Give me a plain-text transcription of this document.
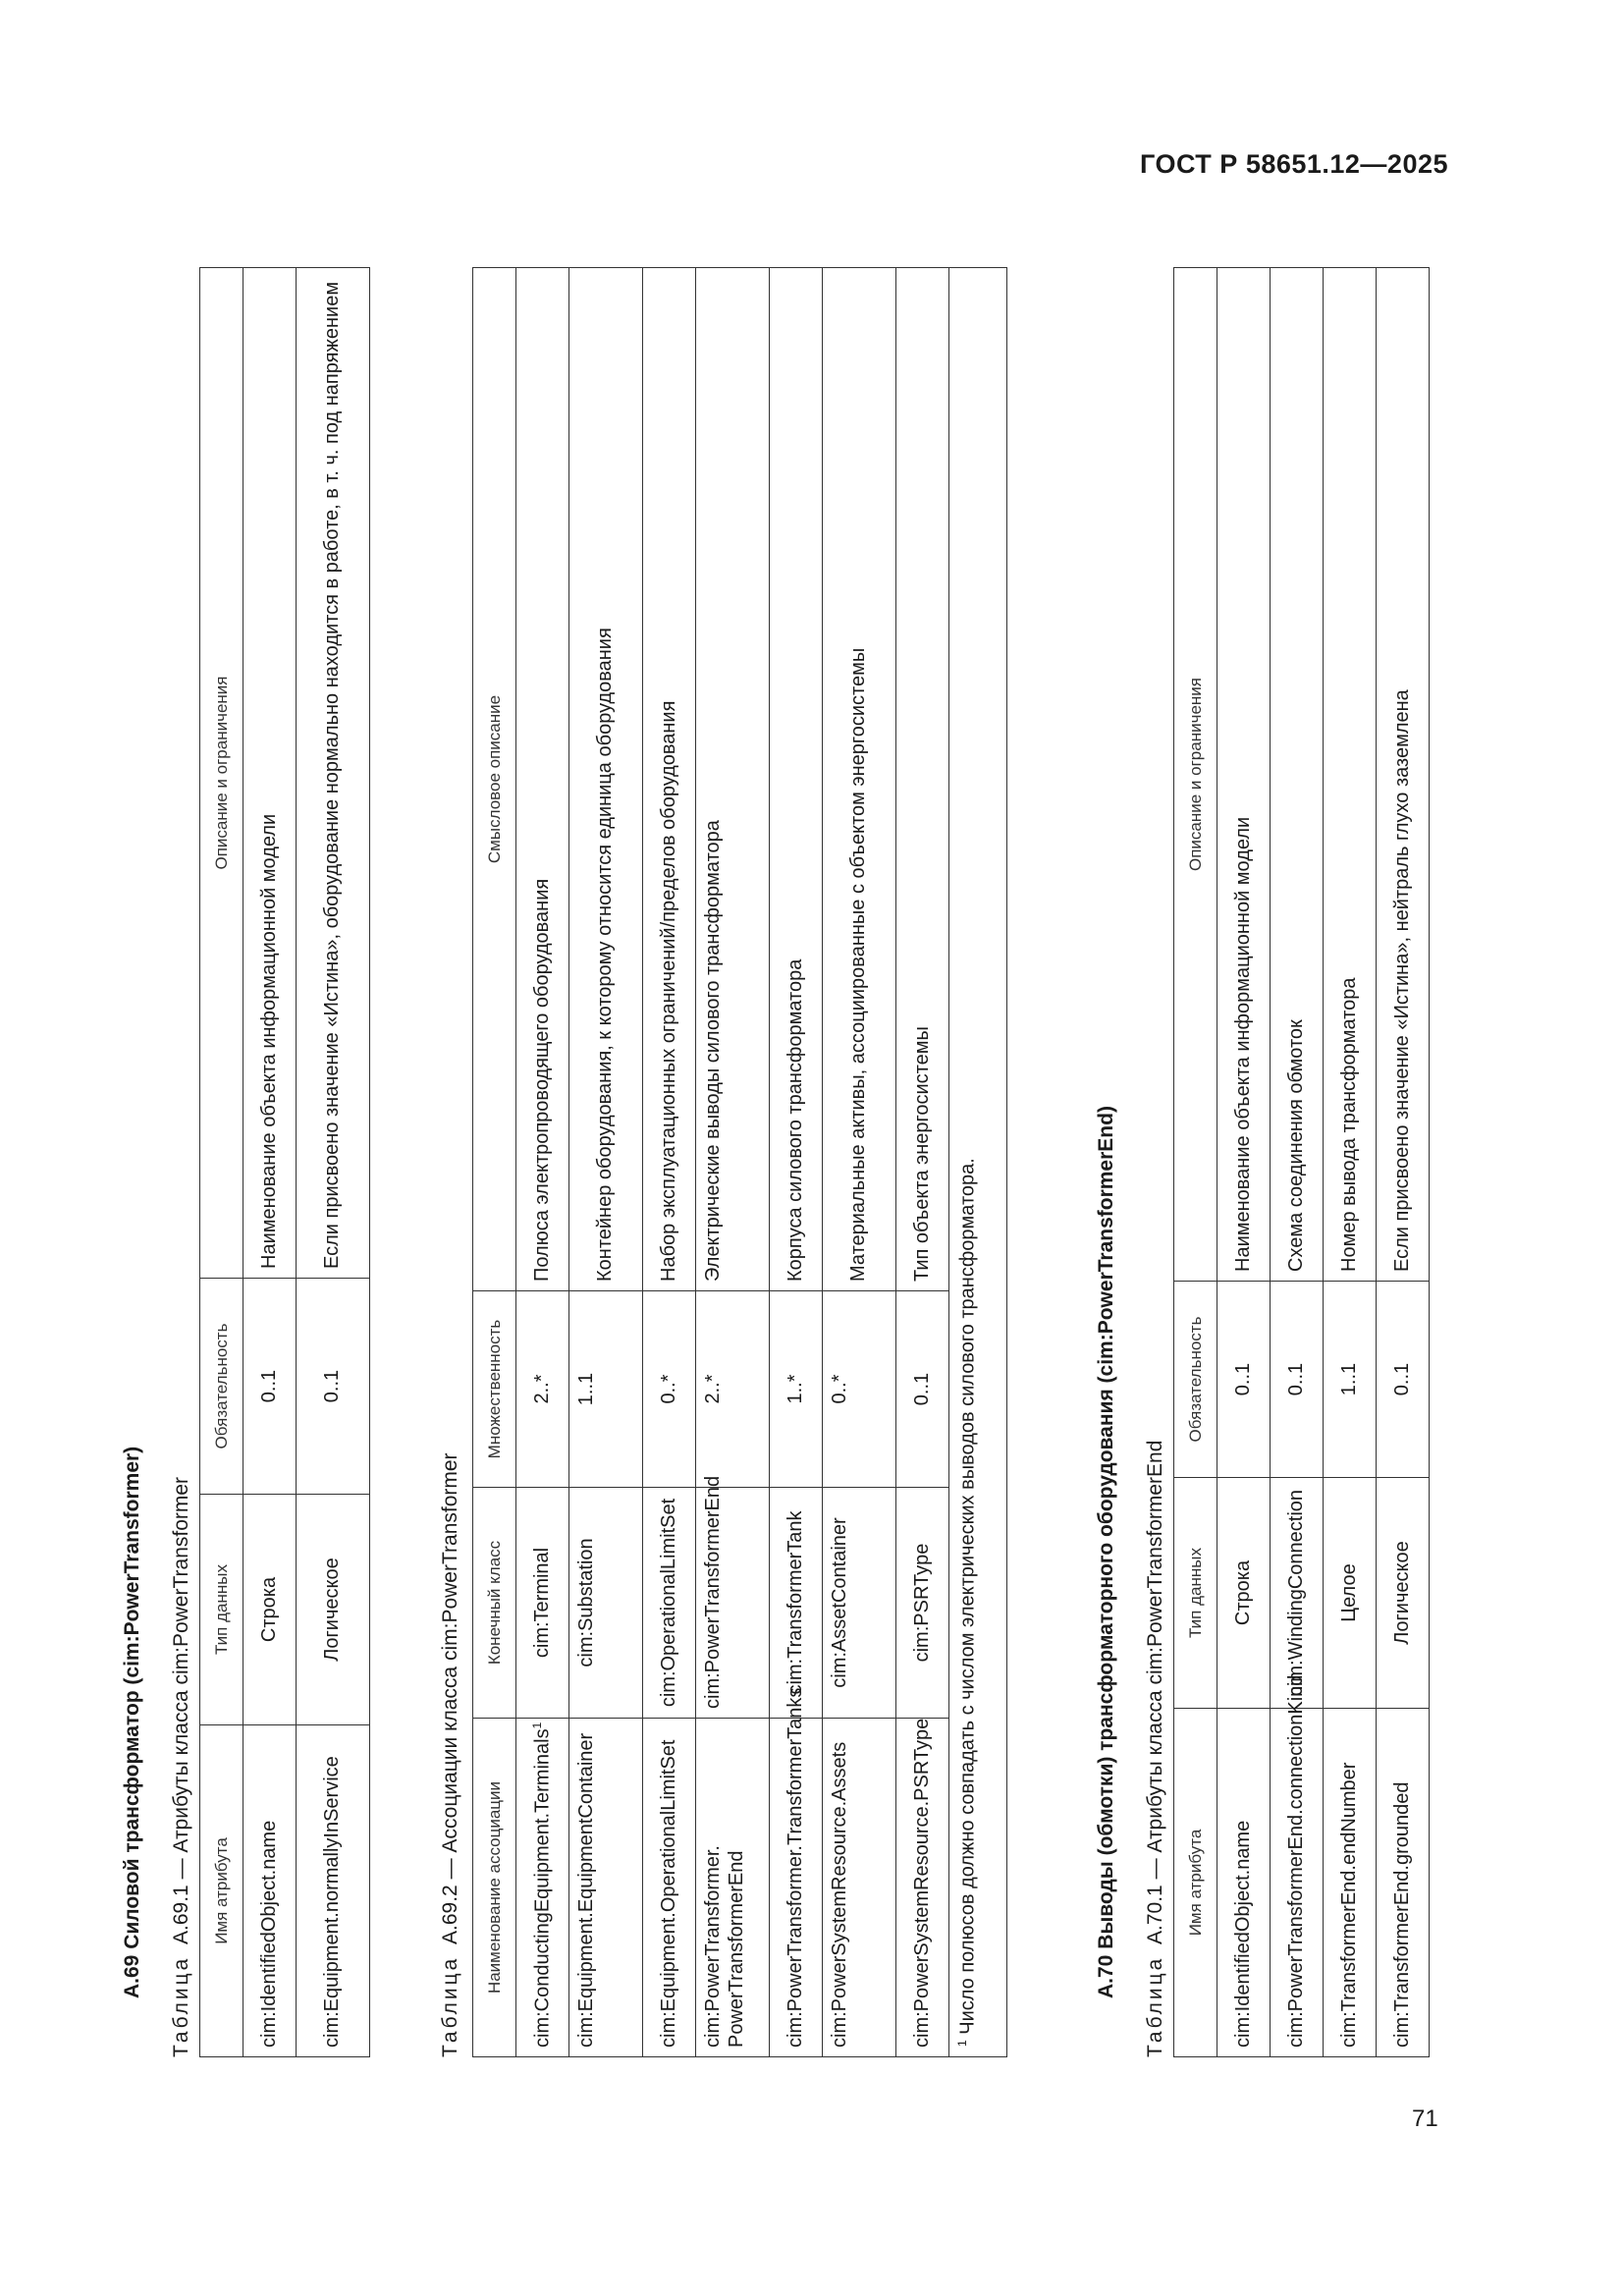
ГОСТ Р 58651.12—2025
71
А.69 Силовой трансформатор (cim:PowerTransformer)
Таблица  А.69.1 — Атрибуты класса cim:PowerTransformer Имя атрибута	Тип данных	Обязательность	Описание и ограничения
cim:IdentifiedObject.name	Строка	0..1	Наименование объекта информационной модели
cim:Equipment.normallyInService	Логическое	0..1	Если присвоено значение «Истина», оборудование нормально находится в работе, в т. ч. под напряжением
Таблица  А.69.2 — Ассоциации класса cim:PowerTransformer Наименование ассоциации	Конечный класс	Множественность	Смысловое описание
cim:ConductingEquipment.Terminals$^1$	cim:Terminal	2..*	Полюса электропроводящего оборудования
cim:Equipment.EquipmentContainer	cim:Substation	1..1	Контейнер оборудования, к которому относится единица оборудования
cim:Equipment.OperationalLimitSet	cim:OperationalLimitSet	0..*	Набор эксплуатационных ограничений/пределов оборудования
cim:PowerTransformer. PowerTransformerEnd	cim:PowerTransformerEnd	2..*	Электрические выводы силового трансформатора
cim:PowerTransformer.TransformerTanks	cim:TransformerTank	1..*	Корпуса силового трансформатора
cim:PowerSystemResource.Assets	cim:AssetContainer	0..*	Материальные активы, ассоциированные с объектом энергосистемы
cim:PowerSystemResource.PSRType	cim:PSRType	0..1	Тип объекта энергосистемы
$^1$ Число полюсов должно совпадать с числом электрических выводов силового трансформатора.				А.70 Выводы (обмотки) трансформаторного оборудования (cim:PowerTransformerEnd)
Таблица  А.70.1 — Атрибуты класса cim:PowerTransformerEnd Имя атрибута	Тип данных	Обязательность	Описание и ограничения
cim:IdentifiedObject.name	Строка	0..1	Наименование объекта информационной модели
cim:PowerTransformerEnd.connectionKind	cim:WindingConnection	0..1	Схема соединения обмоток
cim:TransformerEnd.endNumber	Целое	1..1	Номер вывода трансформатора
cim:TransformerEnd.grounded	Логическое	0..1	Если присвоено значение «Истина», нейтраль глухо заземлена
